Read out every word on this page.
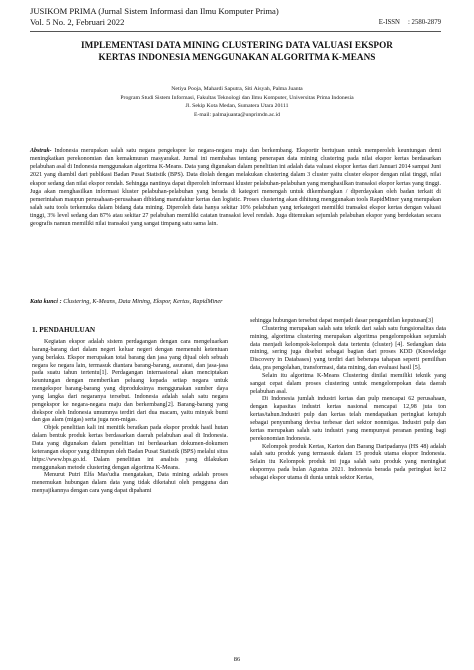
JUSIKOM PRIMA (Jurnal Sistem Informasi dan Ilmu Komputer Prima)
Vol. 5 No. 2, Februari 2022	E-ISSN : 2580-2879
IMPLEMENTASI DATA MINING CLUSTERING DATA VALUASI EKSPOR
KERTAS INDONESIA MENGGUNAKAN ALGORITMA K-MEANS
Netiya Pooja, Mahardi Saputra, Siti Aisyah, Palma Juanta
Program Studi Sistem Informasi, Fakultas Teknologi dan Ilmu Komputer, Universitas Prima Indonesia
Jl. Sekip Kota Medan, Sumatera Utara 20111
E-mail: palmajuanta@unprimdn.ac.id

Abstrak- Indonesia merupakan salah satu negara pengekspor ke negara-negara maju dan berkembang. Eksportir bertujuan untuk memperoleh keuntungan demi meningkatkan perekonomian dan kemakmuran masyarakat. Jurnal ini membahas tentang penerapan data mining clustering pada nilai ekspor kertas berdasarkan pelabuhan asal di Indonesia menggunakan algoritma K-Means. Data yang digunakan dalam penelitian ini adalah data valuasi ekspor kertas dari Januari 2014 sampai Juni 2021 yang diambil dari publikasi Badan Pusat Statistik (BPS). Data diolah dengan melakukan clustering dalam 3 cluster yaitu cluster ekspor dengan nilai tinggi, nilai ekspor sedang dan nilai ekspor rendah. Sehingga nantinya dapat diperoleh informasi kluster pelabuhan-pelabuhan yang menghasilkan transaksi ekspor kertas yang tinggi. Juga akan menghasilkan informasi kluster pelabuhan-pelabuhan yang berada di kategori menengah untuk dikembangkan / diperdayakan oleh badan terkait di pemerintahan maupun perusahaan-perusahaan dibidang manufaktur kertas dan logistic. Proses clustering akan dihitung menggunakan tools RapidMiner yang merupakan salah satu tools terkemuka dalam bidang data mining. Diperoleh data hanya sekitar 10% pelabuhan yang terkategori memiliki transaksi ekspor kertas dengan valuasi tinggi, 3% level sedang dan 87% atau sekitar 27 pelabuhan memiliki catatan transaksi level rendah. Juga ditemukan sejumlah pelabuhan ekspor yang berdekatan secara geografis namun memiliki nilai transaksi yang sangat timpang satu sama lain.

Kata kunci : Clustering, K-Means, Data Mining, Ekspor, Kertas, RapidMiner

1. PENDAHULUAN

Kegiatan ekspor adalah sistem perdagangan dengan cara mengeluarkan barang-barang dari dalam negeri keluar negeri dengan memenuhi ketentuan yang berlaku. Ekspor merupakan total barang dan jasa yang dijual oleh sebuah negara ke negara lain, termasuk diantara barang-barang, asuransi, dan jasa-jasa pada suatu tahun tertentu[1]. Perdagangan internasional akan menciptakan keuntungan dengan memberikan peluang kepada setiap negara untuk mengekspor barang-barang yang diproduksinya menggunakan sumber daya yang langka dari negaranya tersebut. Indonesia adalah salah satu negara pengekspor ke negara-negara maju dan berkembang[2]. Barang-barang yang diekspor oleh Indonesia umumnya terdiri dari dua macam, yaitu minyak bumi dan gas alam (migas) serta juga non-migas.

Objek penelitian kali ini menitik beratkan pada ekspor produk hasil hutan dalam bentuk produk kertas berdasarkan daerah pelabuhan asal di Indonesia. Data yang digunakan dalam penelitian ini berdasarkan dokumen-dokumen keterangan ekspor yang dihimpun oleh Badan Pusat Statistik (BPS) melalui situs https://www.bps.go.id. Dalam penelitian ini analisis yang dilakukan menggunakan metode clustering dengan algoritma K-Means.

Menurut Putri Elfa Mas'udia mengatakan, Data mining adalah proses menemukan hubungan dalam data yang tidak diketahui oleh pengguna dan menyajikannya dengan cara yang dapat dipahami

sehingga hubungan tersebut dapat menjadi dasar pengambilan keputusan[3]

Clustering merupakan salah satu teknik dari salah satu fungsionalitas data mining, algoritma clustering merupakan algoritma pengelompokkan sejumlah data menjadi kelompok-kelompok data tertentu (cluster) [4]. Sedangkan data mining, sering juga disebut sebagai bagian dari proses KDD (Knowledge Discovery in Databases) yang terdiri dari beberapa tahapan seperti pemilihan data, pra pengolahan, transformasi, data mining, dan evaluasi hasil [5].

Selain itu algoritma K-Means Clustering dinilai memiliki teknik yang sangat cepat dalam proses clustering untuk mengelompokan data daerah pelabuhan asal.

Di Indonesia jumlah industri kertas dan pulp mencapai 62 perusahaan, dengan kapasitas industri kertas nasional mencapai 12,98 juta ton kertas/tahun.Industri pulp dan kertas telah mendapatkan peringkat ketujuh sebagai penyumbang devisa terbesar dari sektor nonmigas. Industri pulp dan kertas merupakan salah satu industri yang mempunyai peranan penting bagi perekonomian Indonesia.

Kelompok produk Kertas, Karton dan Barang Daripadanya (HS 48) adalah salah satu produk yang termasuk dalam 15 produk utama ekspor Indonesia. Selain itu Kelompok produk ini juga salah satu produk yang meningkat ekspornya pada bulan Agustus 2021. Indonesia berada pada peringkat ke12 sebagai ekspor utama di dunia untuk sektor Kertas,

86
